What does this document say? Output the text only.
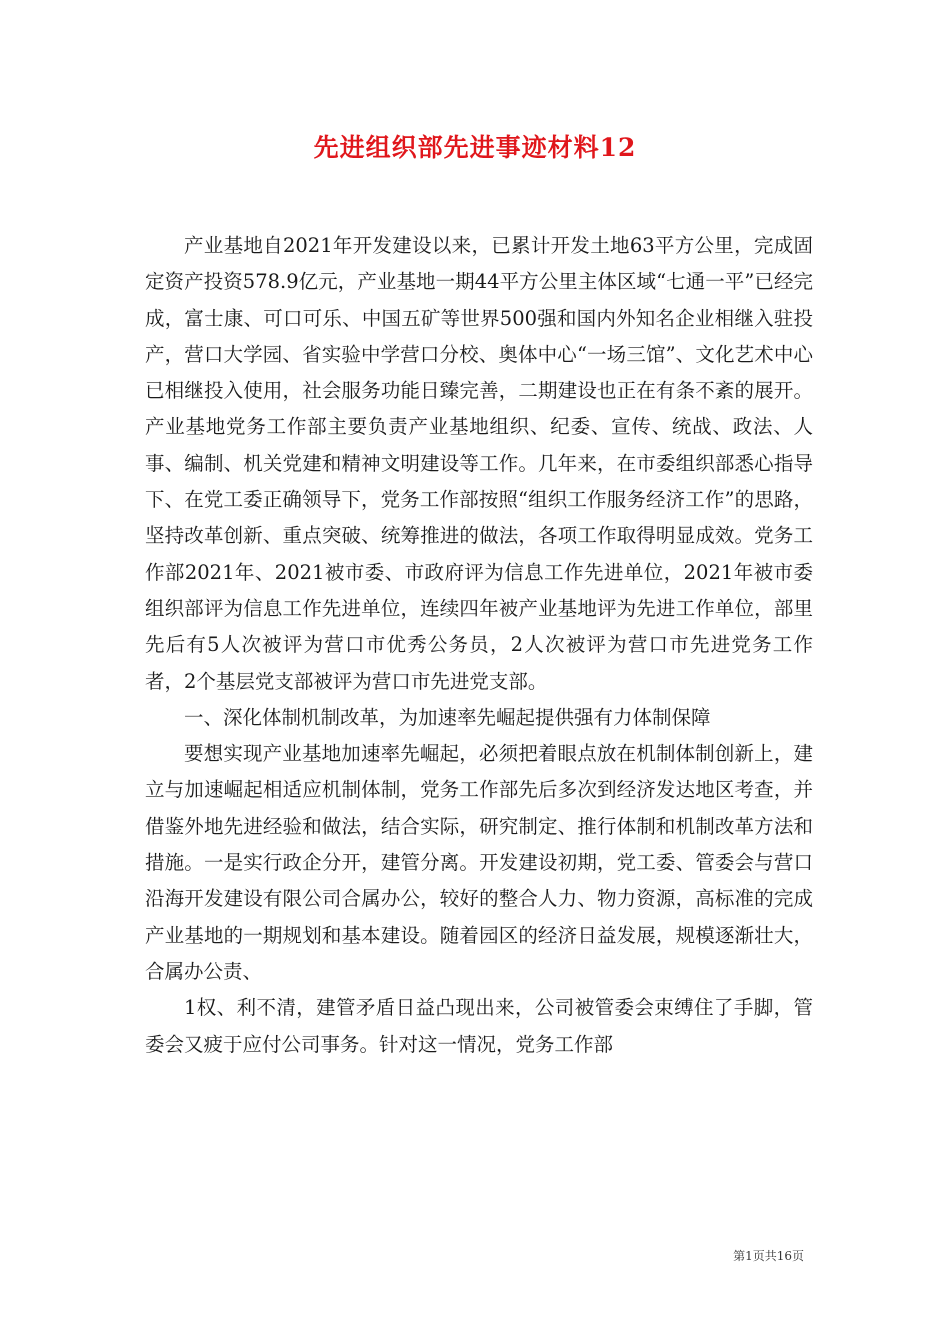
先进组织部先进事迹材料12

产业基地自2021年开发建设以来，已累计开发土地63平方公里，完成固定资产投资578.9亿元，产业基地一期44平方公里主体区域“七通一平”已经完成，富士康、可口可乐、中国五矿等世界500强和国内外知名企业相继入驻投产，营口大学园、省实验中学营口分校、奥体中心“一场三馆”、文化艺术中心已相继投入使用，社会服务功能日臻完善，二期建设也正在有条不紊的展开。产业基地党务工作部主要负责产业基地组织、纪委、宣传、统战、政法、人事、编制、机关党建和精神文明建设等工作。几年来，在市委组织部悉心指导下、在党工委正确领导下，党务工作部按照“组织工作服务经济工作”的思路，坚持改革创新、重点突破、统筹推进的做法，各项工作取得明显成效。党务工作部2021年、2021被市委、市政府评为信息工作先进单位，2021年被市委组织部评为信息工作先进单位，连续四年被产业基地评为先进工作单位，部里先后有5人次被评为营口市优秀公务员，2人次被评为营口市先进党务工作者，2个基层党支部被评为营口市先进党支部。

一、深化体制机制改革，为加速率先崛起提供强有力体制保障

要想实现产业基地加速率先崛起，必须把着眼点放在机制体制创新上，建立与加速崛起相适应机制体制，党务工作部先后多次到经济发达地区考查，并借鉴外地先进经验和做法，结合实际，研究制定、推行体制和机制改革方法和措施。一是实行政企分开，建管分离。开发建设初期，党工委、管委会与营口沿海开发建设有限公司合属办公，较好的整合人力、物力资源，高标准的完成产业基地的一期规划和基本建设。随着园区的经济日益发展，规模逐渐壮大，合属办公责、

1权、利不清，建管矛盾日益凸现出来，公司被管委会束缚住了手脚，管委会又疲于应付公司事务。针对这一情况，党务工作部

第1页共16页
